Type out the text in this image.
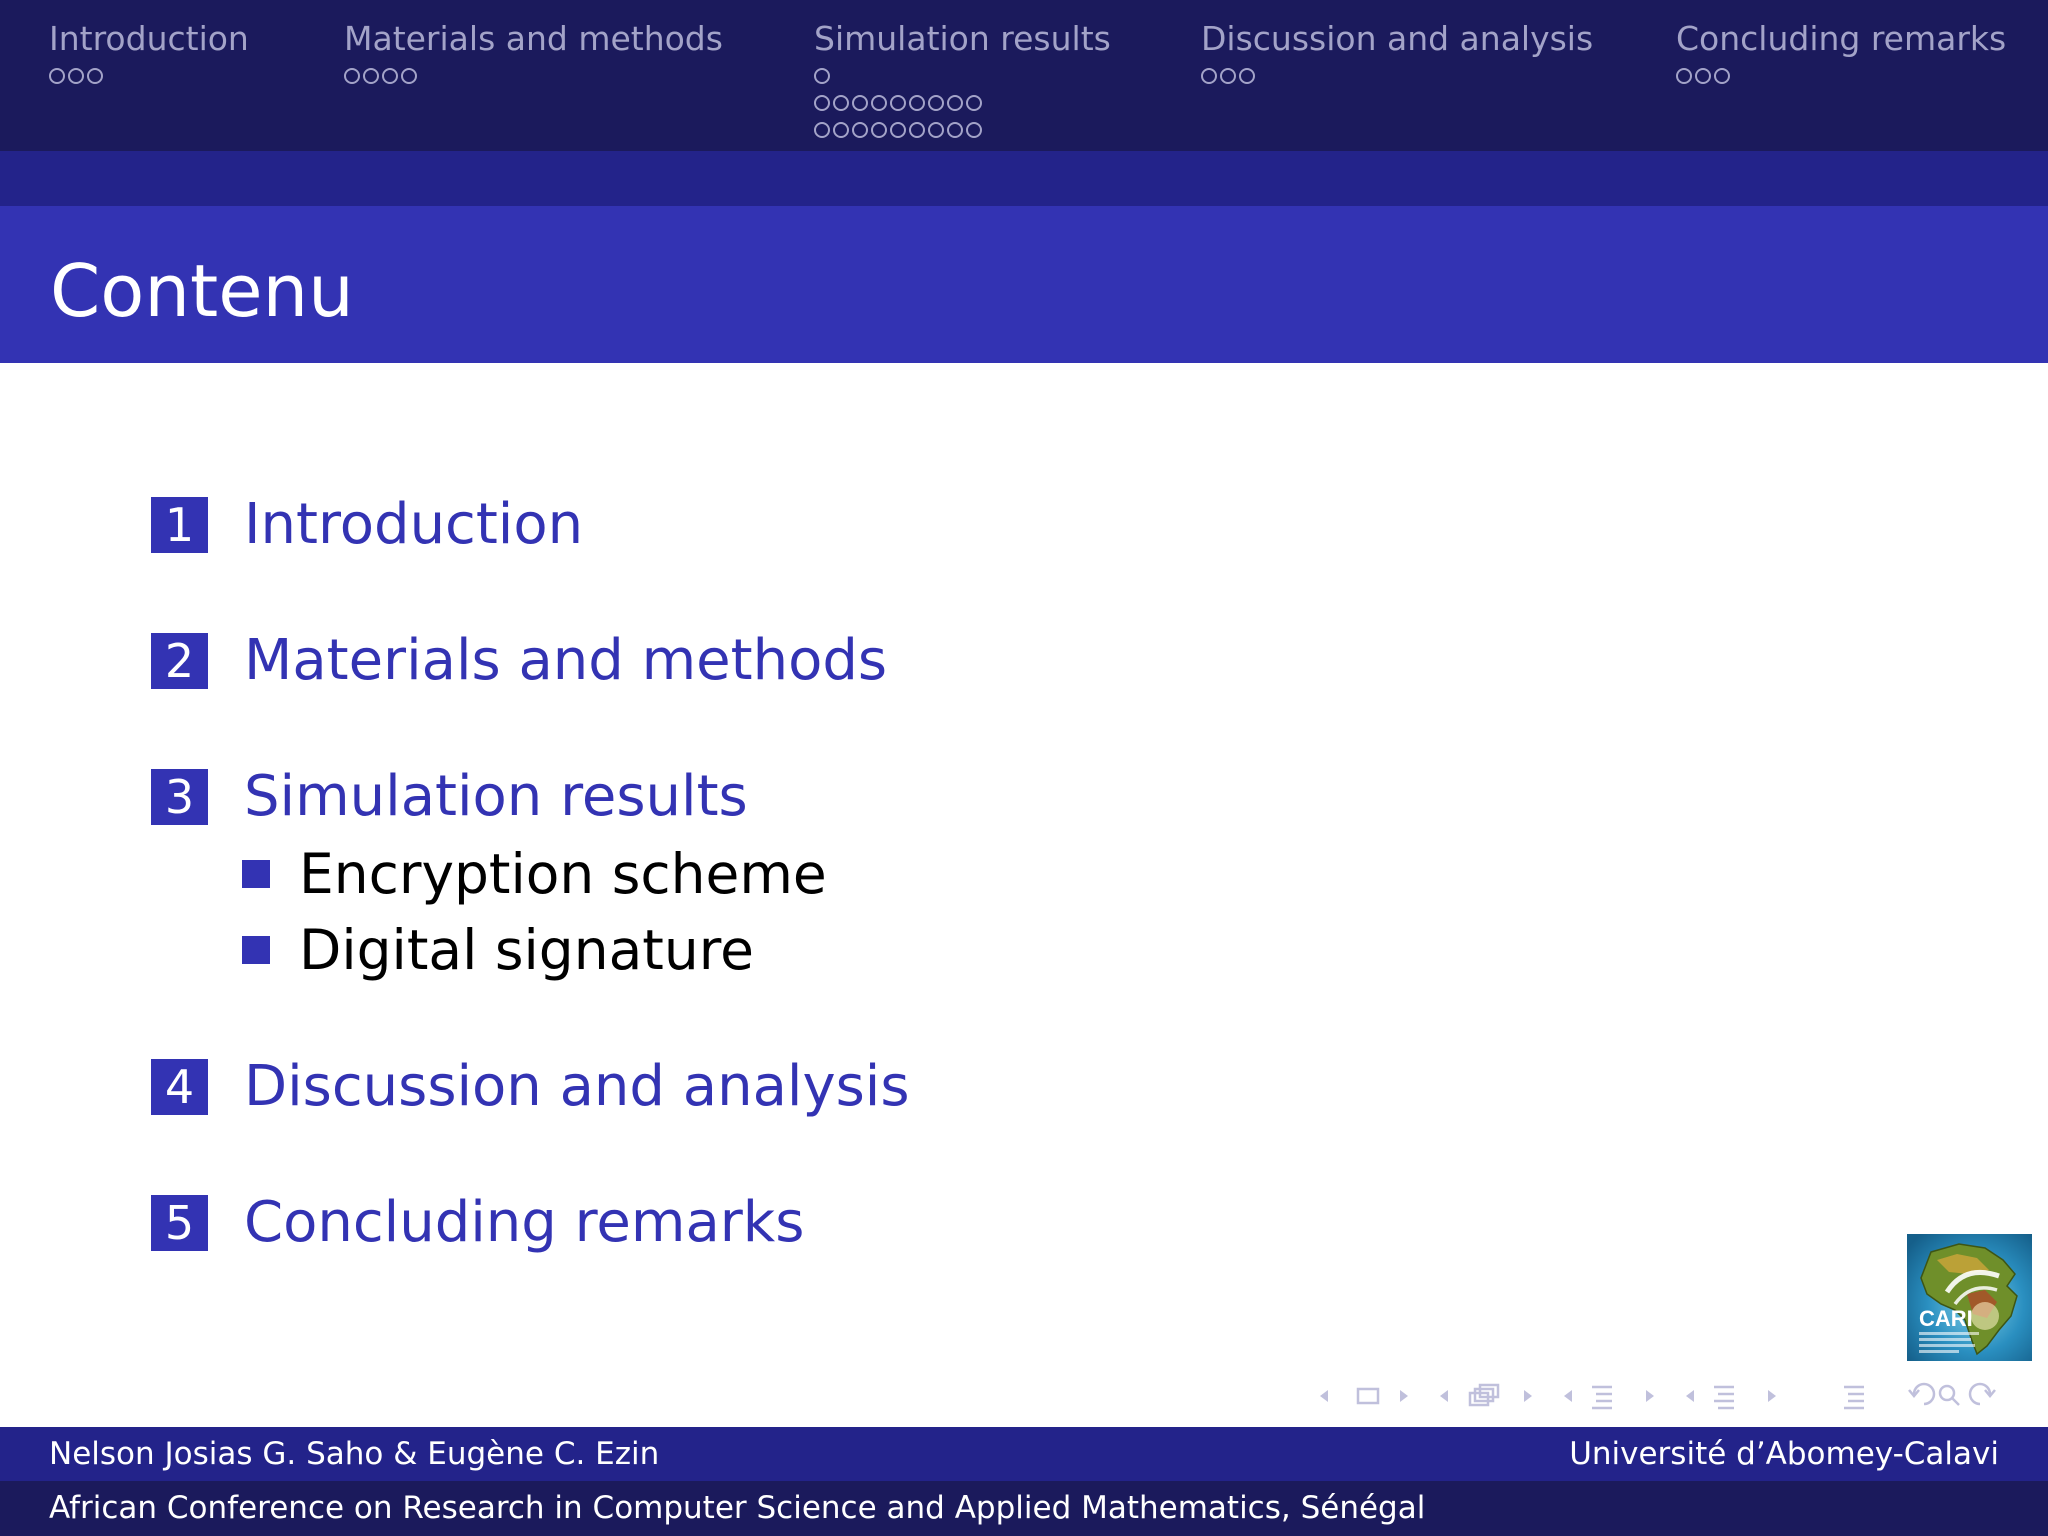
Introduction	Materials and methods	Simulation results	Discussion and analysis	Concluding remarks
Contenu
1 Introduction
2 Materials and methods
3 Simulation results
Encryption scheme
Digital signature
4 Discussion and analysis
5 Concluding remarks
CARI
Nelson Josias G. Saho & Eugène C. Ezin	Université d’Abomey-Calavi
African Conference on Research in Computer Science and Applied Mathematics, Sénégal
